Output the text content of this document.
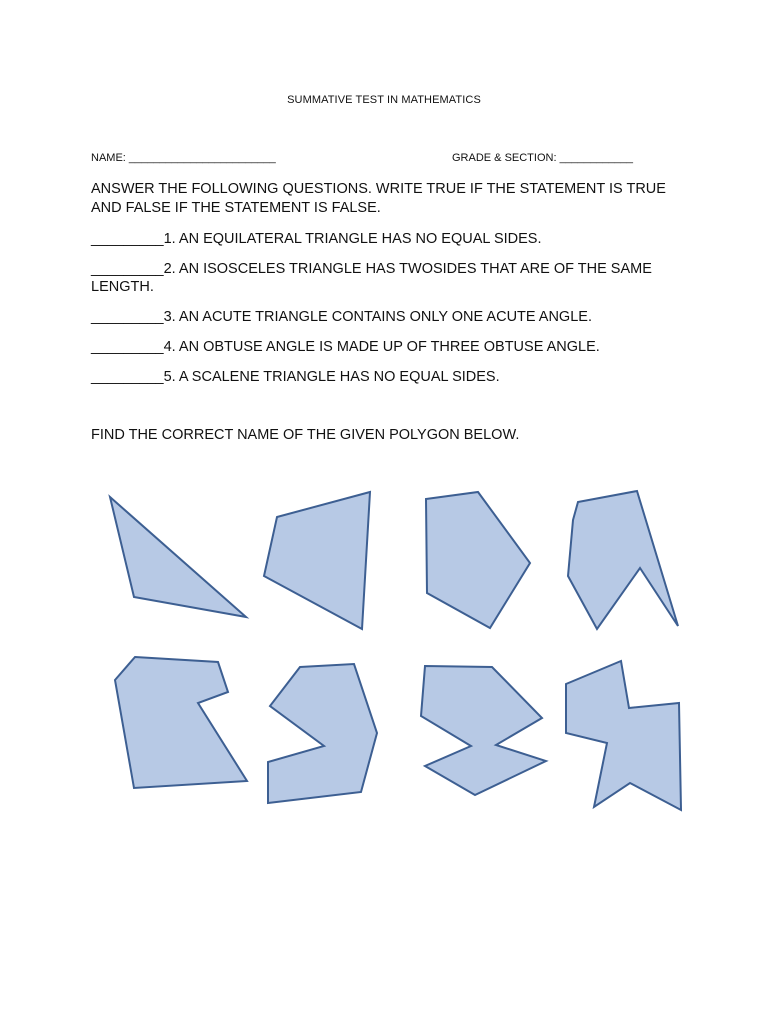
SUMMATIVE TEST IN MATHEMATICS
NAME: ________________________	GRADE & SECTION: ____________
ANSWER THE FOLLOWING QUESTIONS. WRITE TRUE IF THE STATEMENT IS TRUE AND FALSE IF THE STATEMENT IS FALSE.
_________1. AN EQUILATERAL TRIANGLE HAS NO EQUAL SIDES.
_________2. AN ISOSCELES TRIANGLE HAS TWOSIDES THAT ARE OF THE SAME LENGTH.
_________3. AN ACUTE TRIANGLE CONTAINS ONLY ONE ACUTE ANGLE.
_________4. AN OBTUSE ANGLE IS MADE UP OF THREE OBTUSE ANGLE.
_________5. A SCALENE TRIANGLE HAS NO EQUAL SIDES.
FIND THE CORRECT NAME OF THE GIVEN POLYGON BELOW.
